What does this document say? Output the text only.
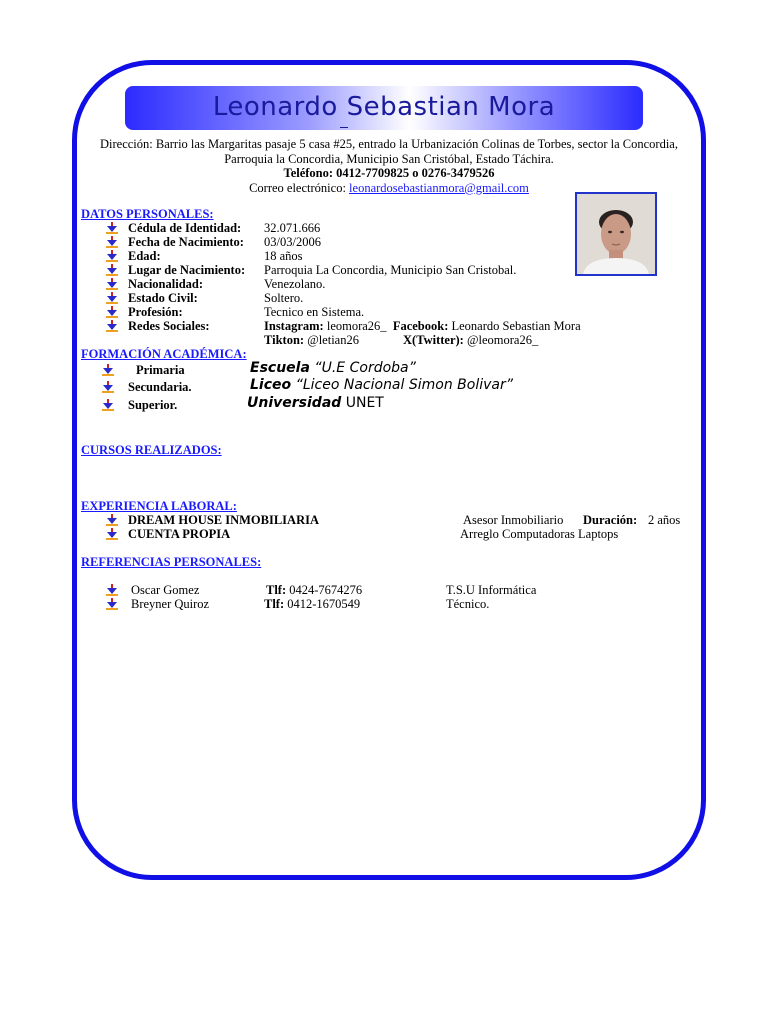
Leonardo Sebastian Mora
Dirección: Barrio las Margaritas pasaje 5 casa #25, entrado la Urbanización Colinas de Torbes, sector la Concordia, Parroquia la Concordia, Municipio San Cristóbal, Estado Táchira.
Teléfono: 0412-7709825 o 0276-3479526
Correo electrónico: leonardosebastianmora@gmail.com
DATOS PERSONALES:
Cédula de Identidad: 32.071.666
Fecha de Nacimiento: 03/03/2006
Edad:	18 años
Lugar de Nacimiento: Parroquia La Concordia, Municipio San Cristobal.
Nacionalidad:	Venezolano.
Estado Civil:	Soltero.
Profesión:	Tecnico en Sistema.
Redes Sociales:	Instagram: leomora26_ Facebook: Leonardo Sebastian Mora
Tikton: @letian26	X(Twitter): @leomora26_
FORMACIÓN ACADÉMICA:
Primaria	Escuela “U.E Cordoba”
Secundaria.	Liceo “Liceo Nacional Simon Bolivar”
Superior.	Universidad UNET
CURSOS REALIZADOS:
EXPERIENCIA LABORAL:
DREAM HOUSE INMOBILIARIA	Asesor Inmobiliario Duración: 2 años
CUENTA PROPIA	Arreglo Computadoras Laptops
REFERENCIAS PERSONALES:
Oscar Gomez	Tlf: 0424-7674276	T.S.U Informática
Breyner Quiroz	Tlf: 0412-1670549	Técnico.
